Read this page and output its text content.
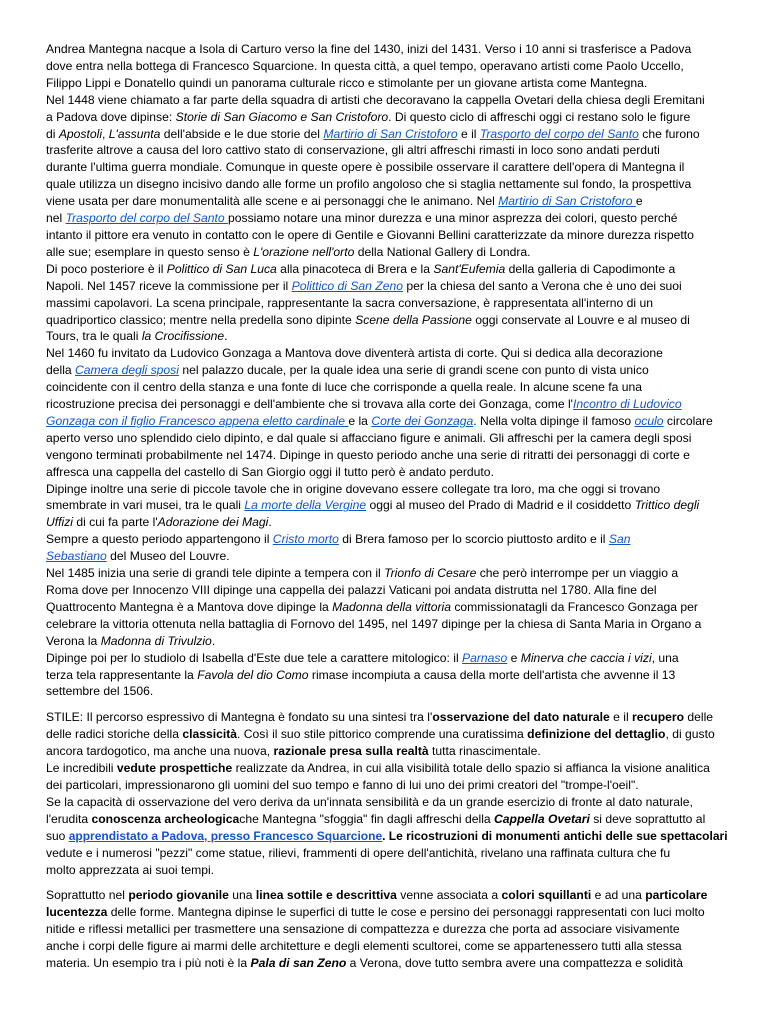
Andrea Mantegna nacque a Isola di Carturo verso la fine del 1430, inizi del 1431. Verso i 10 anni si trasferisce a Padova
dove entra nella bottega di Francesco Squarcione. In questa città, a quel tempo, operavano artisti come Paolo Uccello,
Filippo Lippi e Donatello quindi un panorama culturale ricco e stimolante per un giovane artista come Mantegna.
Nel 1448 viene chiamato a far parte della squadra di artisti che decoravano la cappella Ovetari della chiesa degli Eremitani
a Padova dove dipinse: Storie di San Giacomo e San Cristoforo. Di questo ciclo di affreschi oggi ci restano solo le figure
di Apostoli, L'assunta dell'abside e le due storie del Martirio di San Cristoforo e il Trasporto del corpo del Santo che furono
trasferite altrove a causa del loro cattivo stato di conservazione, gli altri affreschi rimasti in loco sono andati perduti
durante l'ultima guerra mondiale. Comunque in queste opere è possibile osservare il carattere dell'opera di Mantegna il
quale utilizza un disegno incisivo dando alle forme un profilo angoloso che si staglia nettamente sul fondo, la prospettiva
viene usata per dare monumentalità alle scene e ai personaggi che le animano. Nel Martirio di San Cristoforo e
nel Trasporto del corpo del Santo possiamo notare una minor durezza e una minor asprezza dei colori, questo perché
intanto il pittore era venuto in contatto con le opere di Gentile e Giovanni Bellini caratterizzate da minore durezza rispetto
alle sue; esemplare in questo senso è L'orazione nell'orto della National Gallery di Londra.
Di poco posteriore è il Polittico di San Luca alla pinacoteca di Brera e la Sant'Eufemia della galleria di Capodimonte a
Napoli. Nel 1457 riceve la commissione per il Polittico di San Zeno per la chiesa del santo a Verona che è uno dei suoi
massimi capolavori. La scena principale, rappresentante la sacra conversazione, è rappresentata all'interno di un
quadriportico classico; mentre nella predella sono dipinte Scene della Passione oggi conservate al Louvre e al museo di
Tours, tra le quali la Crocifissione.
Nel 1460 fu invitato da Ludovico Gonzaga a Mantova dove diventerà artista di corte. Qui si dedica alla decorazione
della Camera degli sposi nel palazzo ducale, per la quale idea una serie di grandi scene con punto di vista unico
coincidente con il centro della stanza e una fonte di luce che corrisponde a quella reale. In alcune scene fa una
ricostruzione precisa dei personaggi e dell'ambiente che si trovava alla corte dei Gonzaga, come l'Incontro di Ludovico
Gonzaga con il figlio Francesco appena eletto cardinale e la Corte dei Gonzaga. Nella volta dipinge il famoso oculo circolare
aperto verso uno splendido cielo dipinto, e dal quale si affacciano figure e animali. Gli affreschi per la camera degli sposi
vengono terminati probabilmente nel 1474. Dipinge in questo periodo anche una serie di ritratti dei personaggi di corte e
affresca una cappella del castello di San Giorgio oggi il tutto però è andato perduto.
Dipinge inoltre una serie di piccole tavole che in origine dovevano essere collegate tra loro, ma che oggi si trovano
smembrate in vari musei, tra le quali La morte della Vergine oggi al museo del Prado di Madrid e il cosiddetto Trittico degli
Uffizi di cui fa parte l'Adorazione dei Magi.
Sempre a questo periodo appartengono il Cristo morto di Brera famoso per lo scorcio piuttosto ardito e il San
Sebastiano del Museo del Louvre.
Nel 1485 inizia una serie di grandi tele dipinte a tempera con il Trionfo di Cesare che però interrompe per un viaggio a
Roma dove per Innocenzo VIII dipinge una cappella dei palazzi Vaticani poi andata distrutta nel 1780. Alla fine del
Quattrocento Mantegna è a Mantova dove dipinge la Madonna della vittoria commissionatagli da Francesco Gonzaga per
celebrare la vittoria ottenuta nella battaglia di Fornovo del 1495, nel 1497 dipinge per la chiesa di Santa Maria in Organo a
Verona la Madonna di Trivulzio.
Dipinge poi per lo studiolo di Isabella d'Este due tele a carattere mitologico: il Parnaso e Minerva che caccia i vizi, una
terza tela rappresentante la Favola del dio Como rimase incompiuta a causa della morte dell'artista che avvenne il 13
settembre del 1506.
STILE: Il percorso espressivo di Mantegna è fondato su una sintesi tra l'osservazione del dato naturale e il recupero delle
delle radici storiche della classicità. Così il suo stile pittorico comprende una curatissima definizione del dettaglio, di gusto
ancora tardogotico, ma anche una nuova, razionale presa sulla realtà tutta rinascimentale.
Le incredibili vedute prospettiche realizzate da Andrea, in cui alla visibilità totale dello spazio si affianca la visione analitica
dei particolari, impressionarono gli uomini del suo tempo e fanno di lui uno dei primi creatori del "trompe-l'oeil".
Se la capacità di osservazione del vero deriva da un'innata sensibilità e da un grande esercizio di fronte al dato naturale,
l'erudita conoscenza archeologicache Mantegna "sfoggia" fin dagli affreschi della Cappella Ovetari si deve soprattutto al
suo apprendistato a Padova, presso Francesco Squarcione. Le ricostruzioni di monumenti antichi delle sue spettacolari
vedute e i numerosi "pezzi" come statue, rilievi, frammenti di opere dell'antichità, rivelano una raffinata cultura che fu
molto apprezzata ai suoi tempi.
Soprattutto nel periodo giovanile una linea sottile e descrittiva venne associata a colori squillanti e ad una particolare
lucentezza delle forme. Mantegna dipinse le superfici di tutte le cose e persino dei personaggi rappresentati con luci molto
nitide e riflessi metallici per trasmettere una sensazione di compattezza e durezza che porta ad associare visivamente
anche i corpi delle figure ai marmi delle architetture e degli elementi scultorei, come se appartenessero tutti alla stessa
materia. Un esempio tra i più noti è la Pala di san Zeno a Verona, dove tutto sembra avere una compattezza e solidità
